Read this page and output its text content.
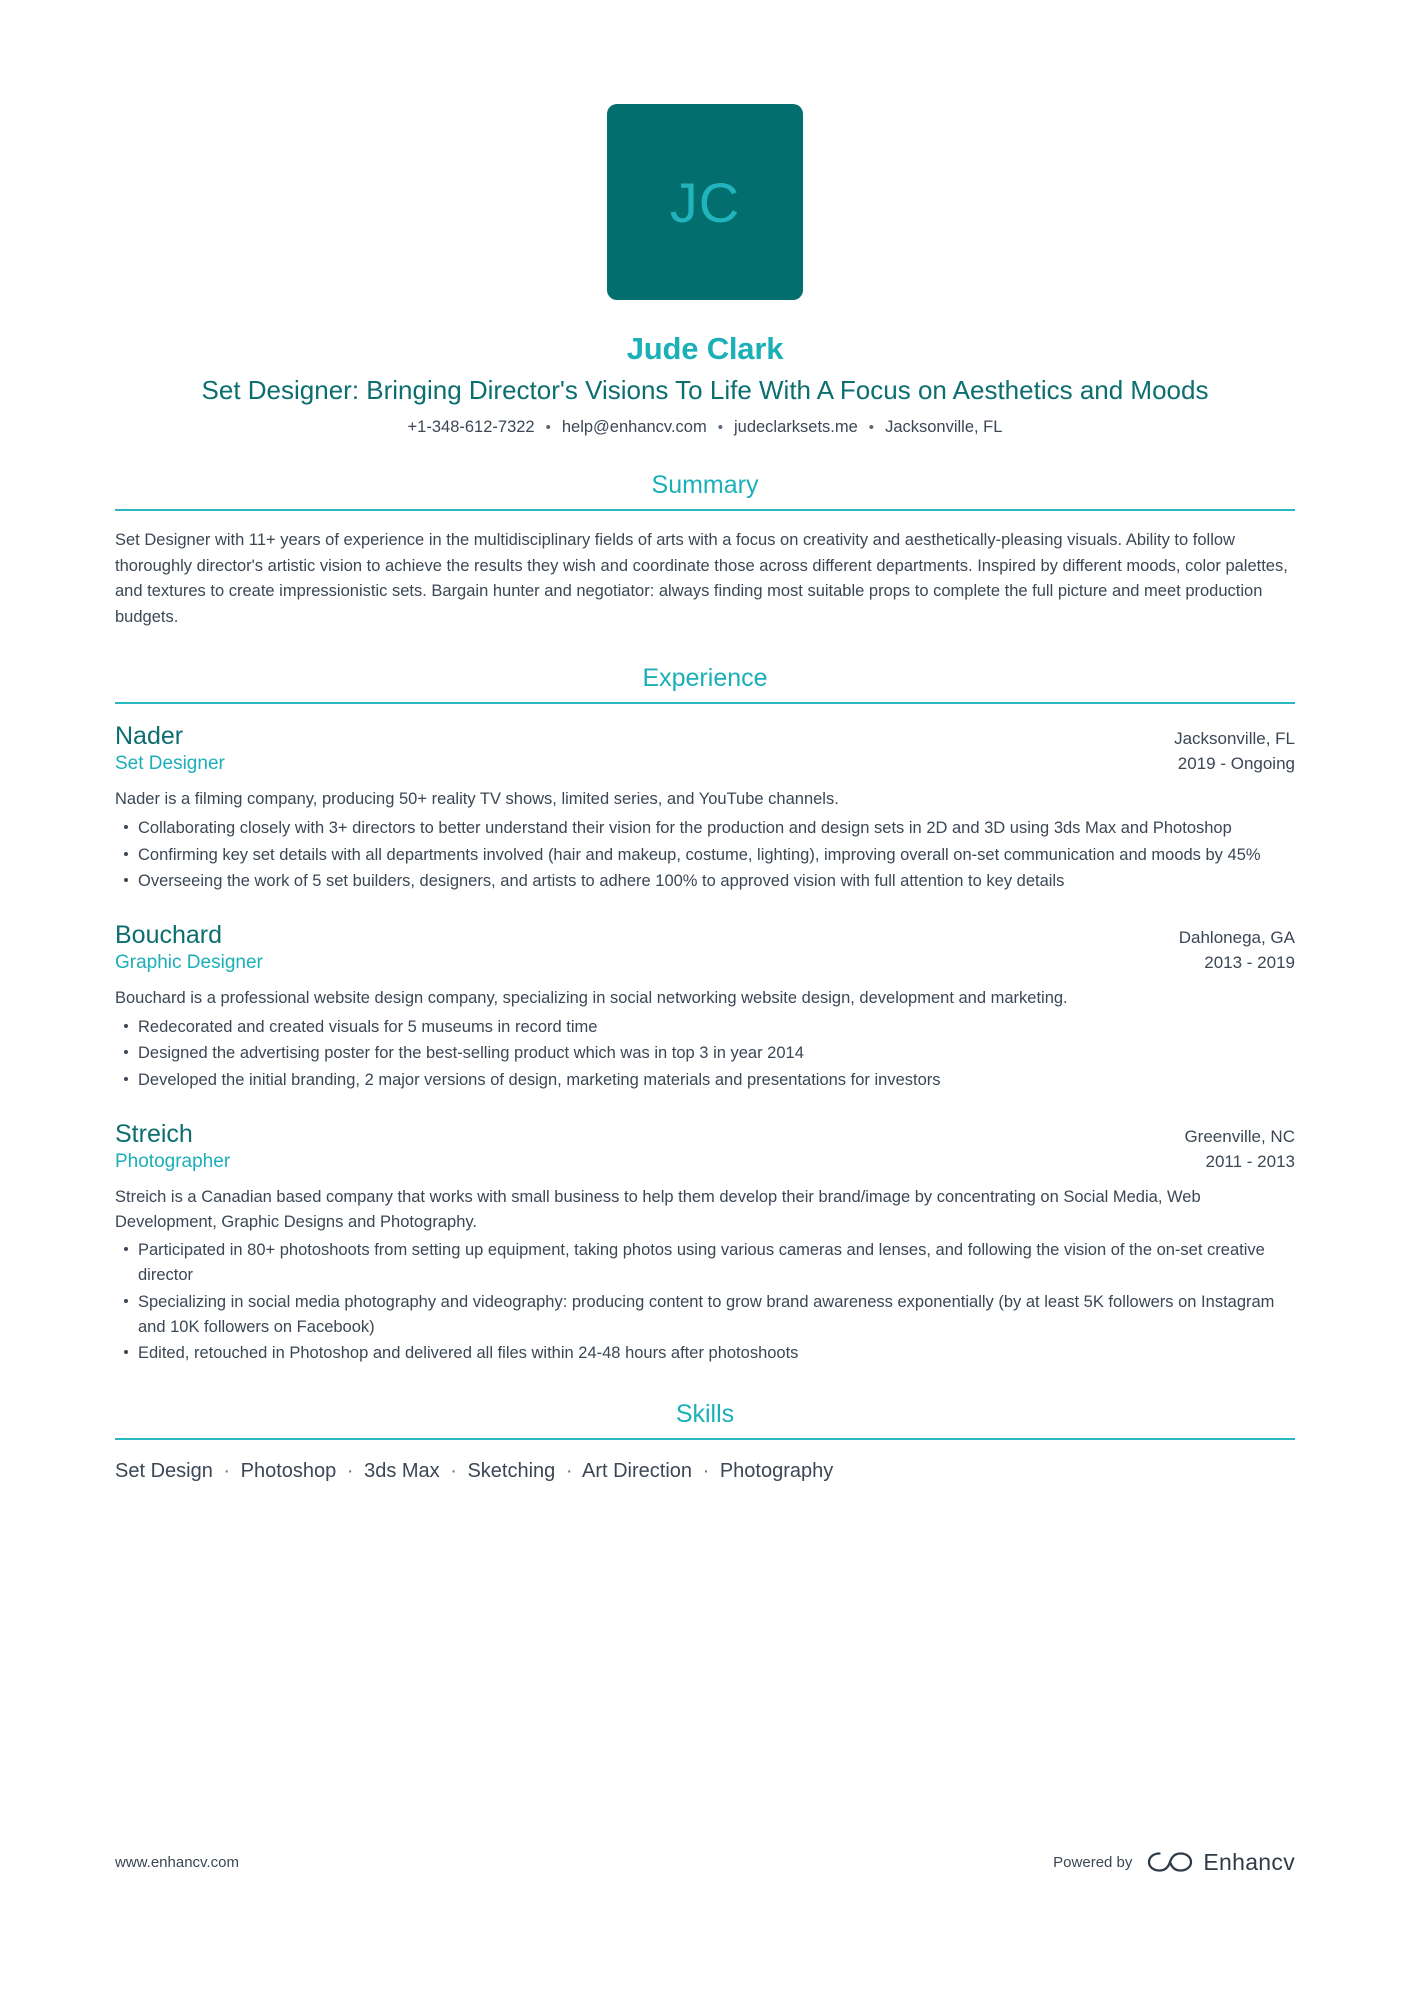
JC
Jude Clark
Set Designer: Bringing Director's Visions To Life With A Focus on Aesthetics and Moods
+1-348-612-7322 • help@enhancv.com • judeclarksets.me • Jacksonville, FL
Summary

Set Designer with 11+ years of experience in the multidisciplinary fields of arts with a focus on creativity and aesthetically-pleasing visuals. Ability to follow thoroughly director's artistic vision to achieve the results they wish and coordinate those across different departments. Inspired by different moods, color palettes, and textures to create impressionistic sets. Bargain hunter and negotiator: always finding most suitable props to complete the full picture and meet production budgets.

Experience
Nader	Jacksonville, FL
Set Designer	2019 - Ongoing

Nader is a filming company, producing 50+ reality TV shows, limited series, and YouTube channels.

Collaborating closely with 3+ directors to better understand their vision for the production and design sets in 2D and 3D using 3ds Max and Photoshop
Confirming key set details with all departments involved (hair and makeup, costume, lighting), improving overall on-set communication and moods by 45%
Overseeing the work of 5 set builders, designers, and artists to adhere 100% to approved vision with full attention to key details
Bouchard	Dahlonega, GA
Graphic Designer	2013 - 2019

Bouchard is a professional website design company, specializing in social networking website design, development and marketing.

Redecorated and created visuals for 5 museums in record time
Designed the advertising poster for the best-selling product which was in top 3 in year 2014
Developed the initial branding, 2 major versions of design, marketing materials and presentations for investors
Streich	Greenville, NC
Photographer	2011 - 2013

Streich is a Canadian based company that works with small business to help them develop their brand/image by concentrating on Social Media, Web Development, Graphic Designs and Photography.

Participated in 80+ photoshoots from setting up equipment, taking photos using various cameras and lenses, and following the vision of the on-set creative director
Specializing in social media photography and videography: producing content to grow brand awareness exponentially (by at least 5K followers on Instagram and 10K followers on Facebook)
Edited, retouched in Photoshop and delivered all files within 24-48 hours after photoshoots
Skills
Set Design · Photoshop · 3ds Max · Sketching · Art Direction · Photography
www.enhancv.com	Powered by	Enhancv
